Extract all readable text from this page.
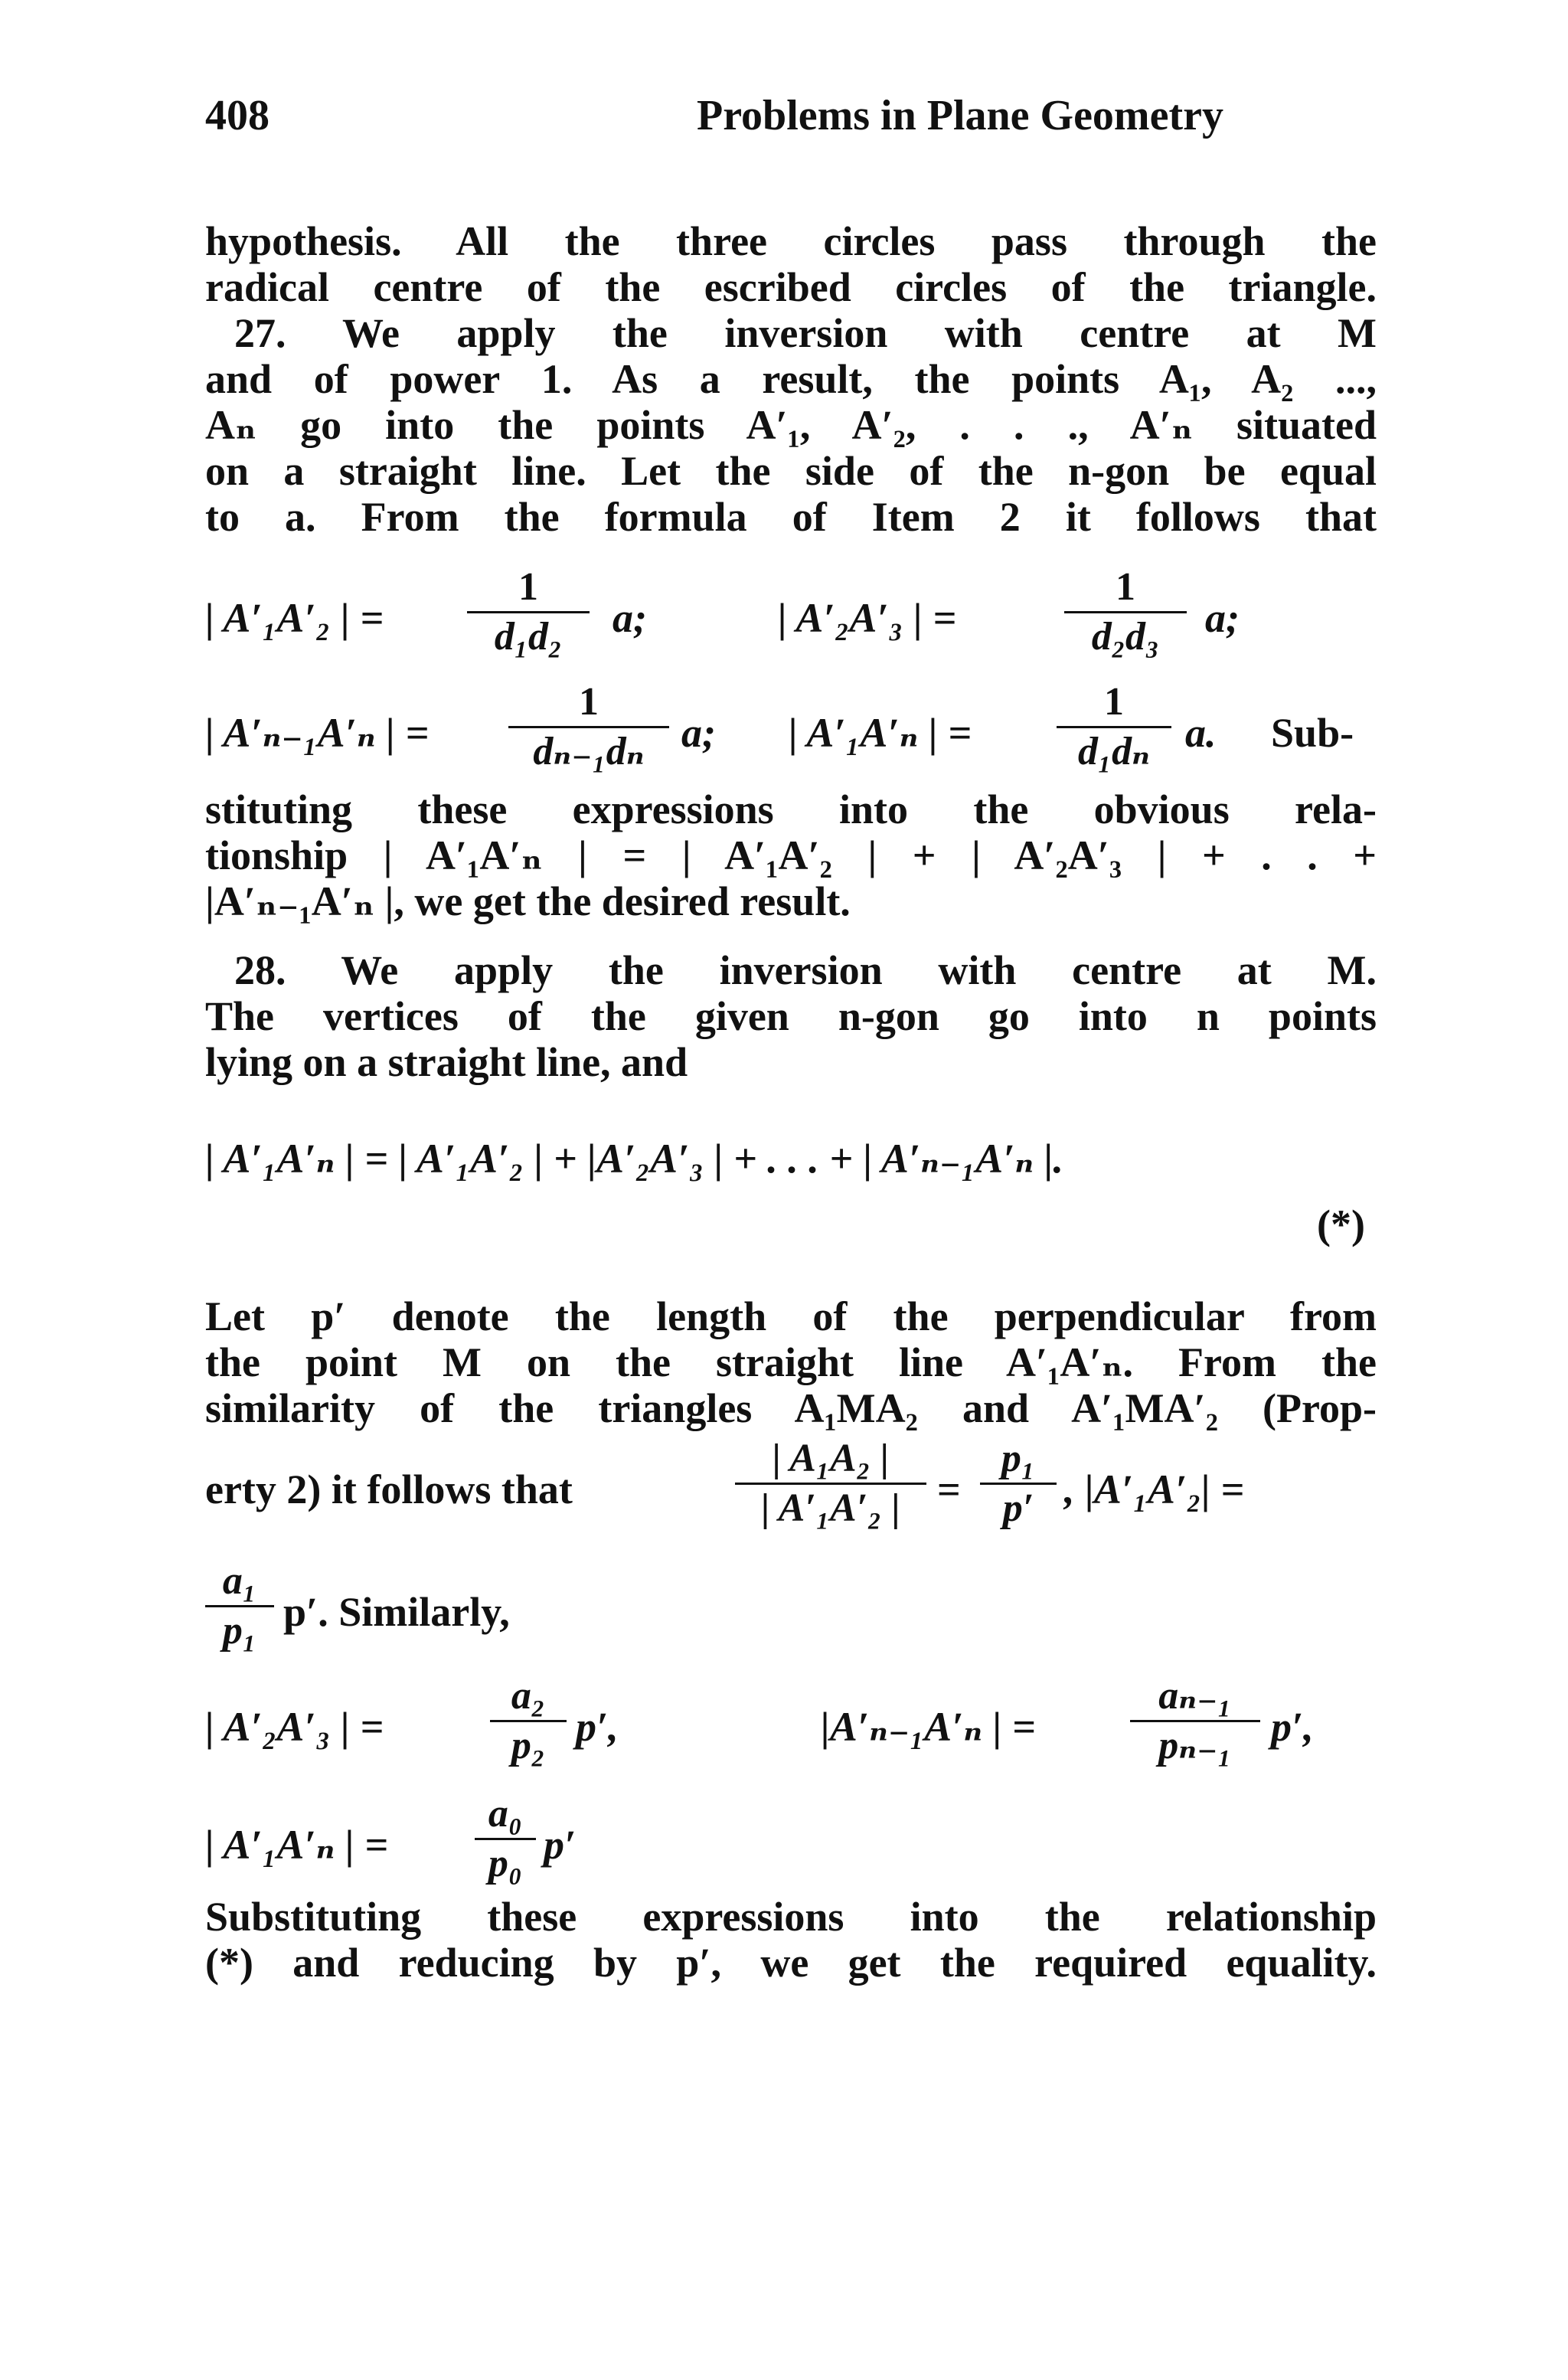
408	Problems in Plane Geometry
hypothesis. All the three circles pass through the
radical centre of the escribed circles of the triangle.
27. We apply the inversion with centre at M
and of power 1. As a result, the points A₁, A₂ ...,
Aₙ go into the points A′₁, A′₂, . . ., A′ₙ situated
on a straight line. Let the side of the n-gon be equal
to a. From the formula of Item 2 it follows that
| A′₁A′₂ | = $\frac{1}{\text{d₁d₂}} a$;	| A′₂A′₃ | =	$\frac{1}{\text{d₂d₃}} a$;
| A′ₙ₋₁A′ₙ | = $\frac{1}{\text{dₙ₋₁dₙ}} a$; | A′₁A′ₙ | = $\frac{1}{\text{d₁dₙ}} a$. Sub-
stituting these expressions into the obvious rela-
tionship | A′₁A′ₙ | = | A′₁A′₂ | + | A′₂A′₃ | + . . +
|A′ₙ₋₁A′ₙ |, we get the desired result.
28. We apply the inversion with centre at M.
The vertices of the given n-gon go into n points
lying on a straight line, and
| A′₁A′ₙ | = | A′₁A′₂ | + |A′₂A′₃ | + . . . + | A′ₙ₋₁A′ₙ |.
(*)
Let p′ denote the length of the perpendicular from
the point M on the straight line A′₁A′ₙ. From the
similarity of the triangles A₁MA₂ and A′₁MA′₂ (Prop-
erty 2) it follows that	$\frac{\text{| A₁A₂ |}}{\text{| A′₁A′₂ |}} = \frac{\text{p₁}}{p'}$ , |A′₁A′₂| =
$\frac{\text{a₁}}{\text{p₁}} p'$. Similarly,
| A′₂A′₃ | =	$\frac{\text{a₂}}{\text{p₂}} p'$,	|A′ₙ₋₁A′ₙ | = $\frac{\text{aₙ₋₁}}{\text{pₙ₋₁}} p'$,
| A′₁A′ₙ | = $\frac{\text{a₀}}{\text{p₀}} p'$
Substituting these expressions into the relationship
(*) and reducing by p′, we get the required equality.
